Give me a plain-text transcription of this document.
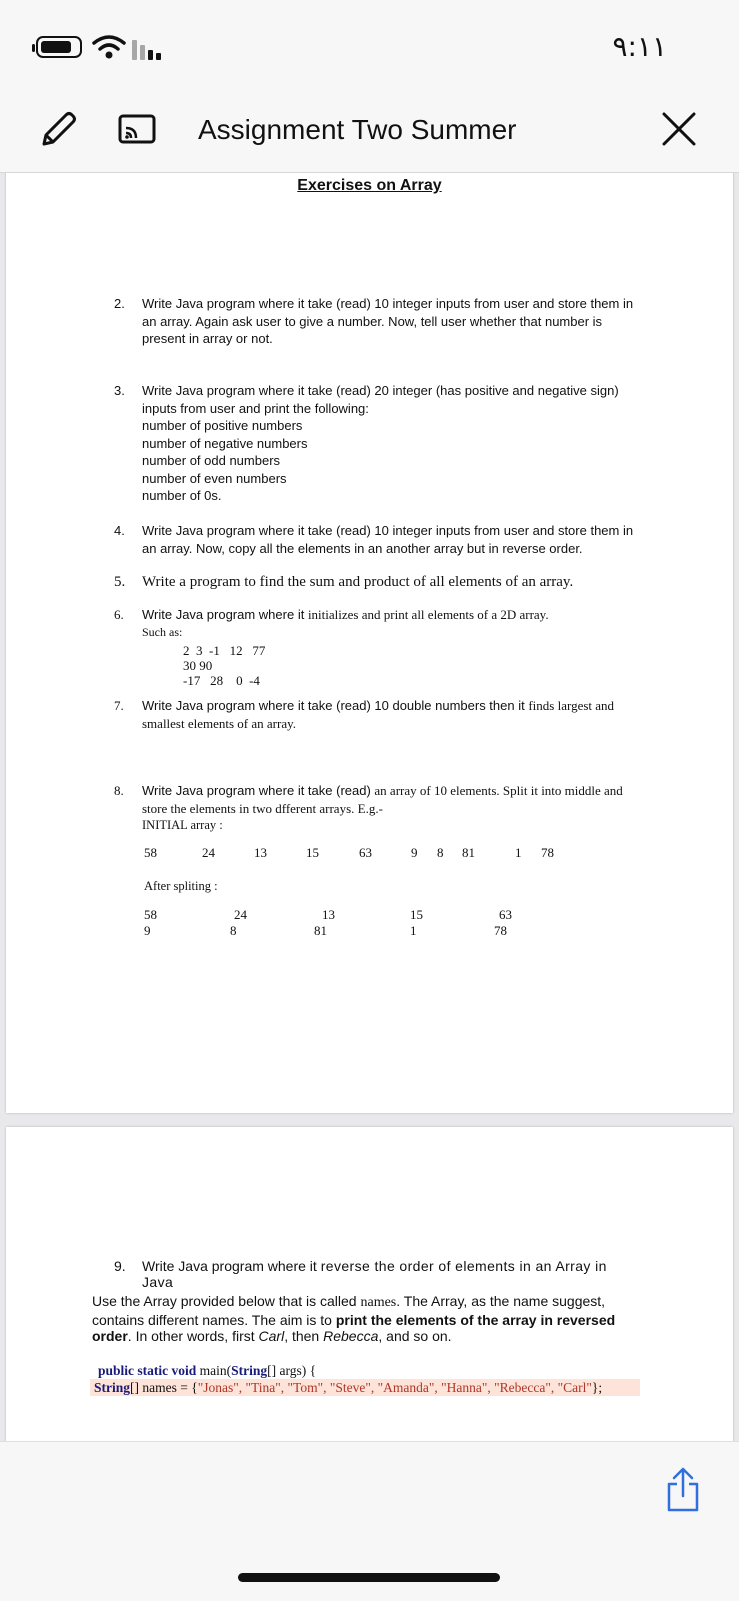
٩:١١
Assignment Two Summer
Exercises on Array
2.	Write Java program where it take (read) 10 integer inputs from user and store them in an array. Again ask user to give a number. Now, tell user whether that number is present in array or not.
3.	Write Java program where it take (read) 20 integer (has positive and negative sign) inputs from user and print the following:
number of positive numbers
number of negative numbers
number of odd numbers
number of even numbers
number of 0s.
4.	Write Java program where it take (read) 10 integer inputs from user and store them in an array. Now, copy all the elements in an another array but in reverse order.
5.	Write a program to find the sum and product of all elements of an array.
6.	Write Java program where it initializes and print all elements of a 2D array.
Such as:
2  3  -1   12   77
30 90
-17   28    0  -4
7.	Write Java program where it take (read) 10 double numbers then it finds largest and smallest elements of an array.
8.	Write Java program where it take (read) an array of 10 elements. Split it into middle and store the elements in two dfferent arrays. E.g.-
INITIAL array :
58	24	13	15	63	9 8 81	1 78
After spliting :
58	24	13	15	63
9	8	81	1	78
9.	Write Java program where it reverse the order of elements in an Array in Java
Use the Array provided below that is called names. The Array, as the name suggest, contains different names. The aim is to print the elements of the array in reversed order. In other words, first Carl, then Rebecca, and so on.
public static void main(String[] args) {
String[] names = {"Jonas", "Tina", "Tom", "Steve", "Amanda", "Hanna", "Rebecca", "Carl"};
